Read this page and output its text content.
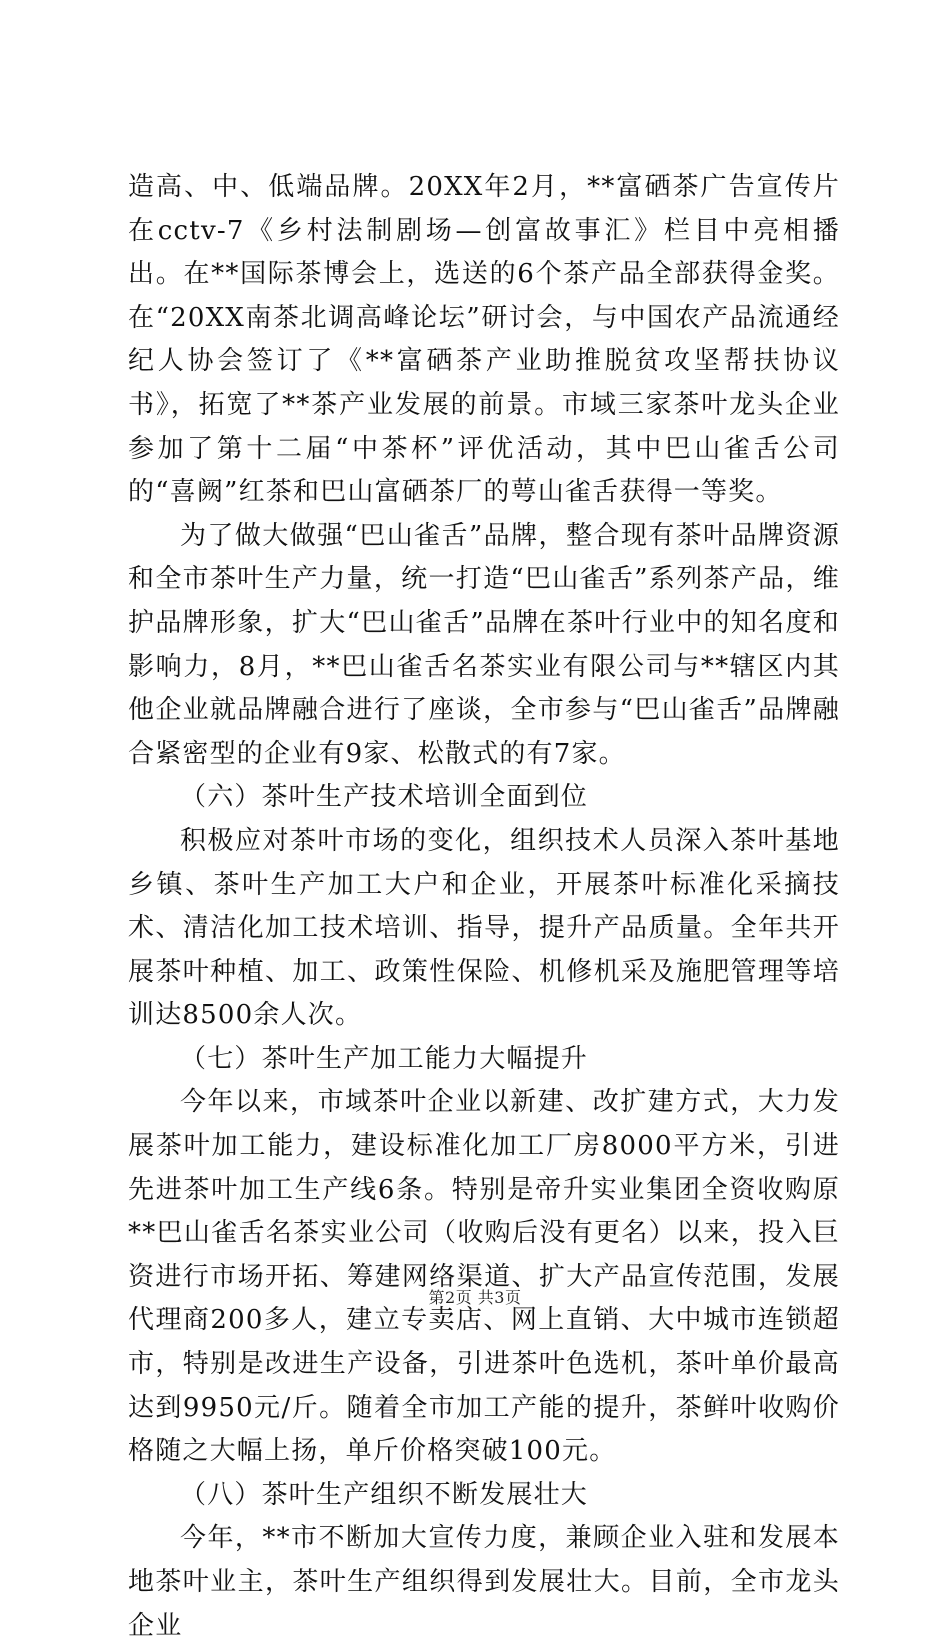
造高、中、低端品牌。20XX年2月，**富硒茶广告宣传片在cctv-7《乡村法制剧场—创富故事汇》栏目中亮相播出。在**国际茶博会上，选送的6个茶产品全部获得金奖。在“20XX南茶北调高峰论坛”研讨会，与中国农产品流通经纪人协会签订了《**富硒茶产业助推脱贫攻坚帮扶协议书》，拓宽了**茶产业发展的前景。市域三家茶叶龙头企业参加了第十二届“中茶杯”评优活动，其中巴山雀舌公司的“喜阙”红茶和巴山富硒茶厂的萼山雀舌获得一等奖。

为了做大做强“巴山雀舌”品牌，整合现有茶叶品牌资源和全市茶叶生产力量，统一打造“巴山雀舌”系列茶产品，维护品牌形象，扩大“巴山雀舌”品牌在茶叶行业中的知名度和影响力，8月，**巴山雀舌名茶实业有限公司与**辖区内其他企业就品牌融合进行了座谈，全市参与“巴山雀舌”品牌融合紧密型的企业有9家、松散式的有7家。

（六）茶叶生产技术培训全面到位

积极应对茶叶市场的变化，组织技术人员深入茶叶基地乡镇、茶叶生产加工大户和企业，开展茶叶标准化采摘技术、清洁化加工技术培训、指导，提升产品质量。全年共开展茶叶种植、加工、政策性保险、机修机采及施肥管理等培训达8500余人次。

（七）茶叶生产加工能力大幅提升

今年以来，市域茶叶企业以新建、改扩建方式，大力发展茶叶加工能力，建设标准化加工厂房8000平方米，引进先进茶叶加工生产线6条。特别是帝升实业集团全资收购原**巴山雀舌名茶实业公司（收购后没有更名）以来，投入巨资进行市场开拓、筹建网络渠道、扩大产品宣传范围，发展代理商200多人，建立专卖店、网上直销、大中城市连锁超市，特别是改进生产设备，引进茶叶色选机，茶叶单价最高达到9950元/斤。随着全市加工产能的提升，茶鲜叶收购价格随之大幅上扬，单斤价格突破100元。

（八）茶叶生产组织不断发展壮大

今年，**市不断加大宣传力度，兼顾企业入驻和发展本地茶叶业主，茶叶生产组织得到发展壮大。目前，全市龙头企业

第2页 共3页
